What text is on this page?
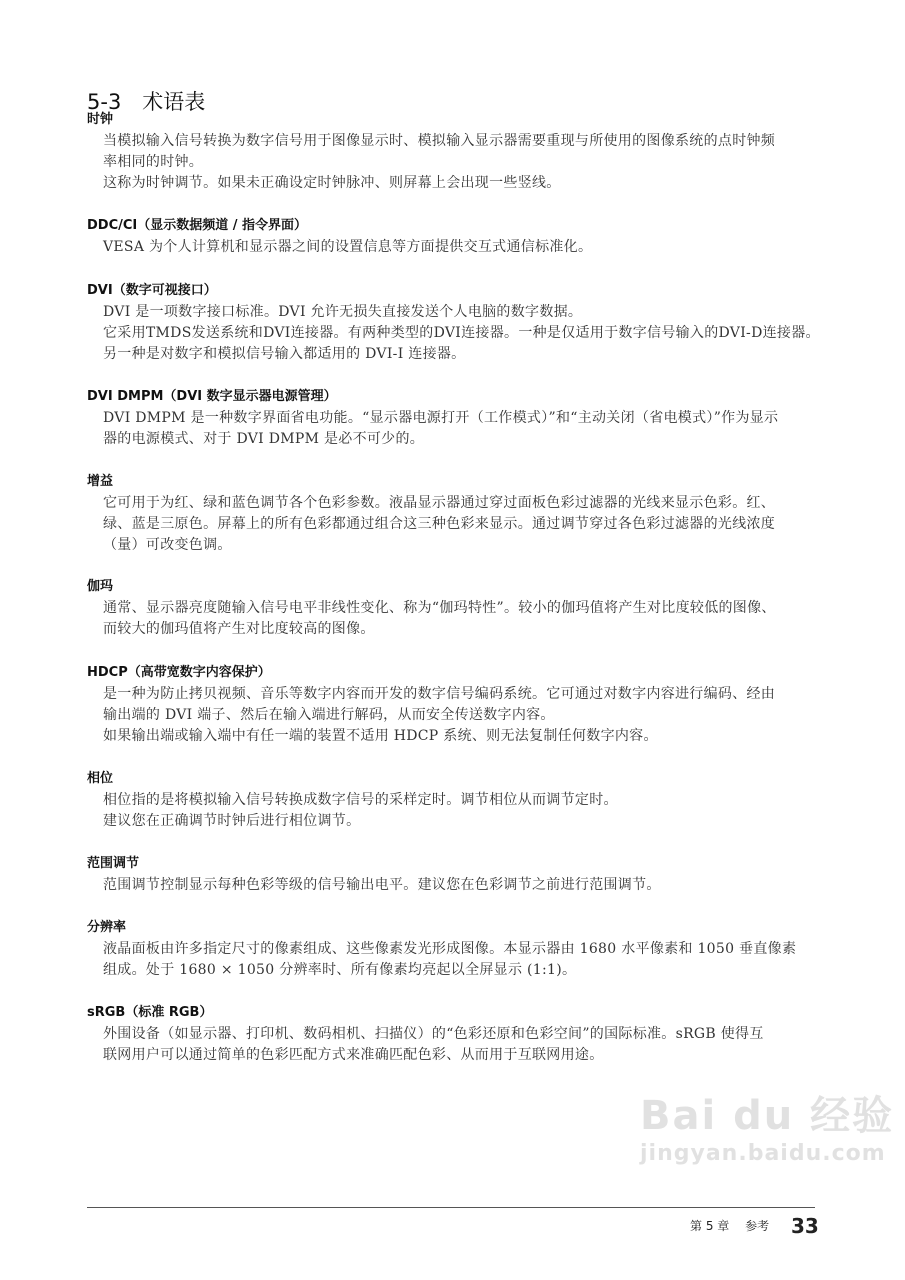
Bai du 经验
jingyan.baidu.com
5-3　术语表
时钟
当模拟输入信号转换为数字信号用于图像显示时、模拟输入显示器需要重现与所使用的图像系统的点时钟频
率相同的时钟。
这称为时钟调节。如果未正确设定时钟脉冲、则屏幕上会出现一些竖线。
DDC/CI（显示数据频道 / 指令界面）
VESA 为个人计算机和显示器之间的设置信息等方面提供交互式通信标准化。
DVI（数字可视接口）
DVI 是一项数字接口标准。DVI 允许无损失直接发送个人电脑的数字数据。
它采用TMDS发送系统和DVI连接器。有两种类型的DVI连接器。一种是仅适用于数字信号输入的DVI-D连接器。
另一种是对数字和模拟信号输入都适用的 DVI-I 连接器。
DVI DMPM（DVI 数字显示器电源管理）
DVI DMPM 是一种数字界面省电功能。“显示器电源打开（工作模式）”和“主动关闭（省电模式）”作为显示
器的电源模式、对于 DVI DMPM 是必不可少的。
增益
它可用于为红、绿和蓝色调节各个色彩参数。液晶显示器通过穿过面板色彩过滤器的光线来显示色彩。红、
绿、蓝是三原色。屏幕上的所有色彩都通过组合这三种色彩来显示。通过调节穿过各色彩过滤器的光线浓度
（量）可改变色调。
伽玛
通常、显示器亮度随输入信号电平非线性变化、称为“伽玛特性”。较小的伽玛值将产生对比度较低的图像、
而较大的伽玛值将产生对比度较高的图像。
HDCP（高带宽数字内容保护）
是一种为防止拷贝视频、音乐等数字内容而开发的数字信号编码系统。它可通过对数字内容进行编码、经由
输出端的 DVI 端子、然后在输入端进行解码，从而安全传送数字内容。
如果输出端或输入端中有任一端的装置不适用 HDCP 系统、则无法复制任何数字内容。
相位
相位指的是将模拟输入信号转换成数字信号的采样定时。调节相位从而调节定时。
建议您在正确调节时钟后进行相位调节。
范围调节
范围调节控制显示每种色彩等级的信号输出电平。建议您在色彩调节之前进行范围调节。
分辨率
液晶面板由许多指定尺寸的像素组成、这些像素发光形成图像。本显示器由 1680 水平像素和 1050 垂直像素
组成。处于 1680 × 1050 分辨率时、所有像素均亮起以全屏显示 (1:1)。
sRGB（标准 RGB）
外围设备（如显示器、打印机、数码相机、扫描仪）的“色彩还原和色彩空间”的国际标准。sRGB 使得互
联网用户可以通过简单的色彩匹配方式来准确匹配色彩、从而用于互联网用途。
第 5 章 参考 33
